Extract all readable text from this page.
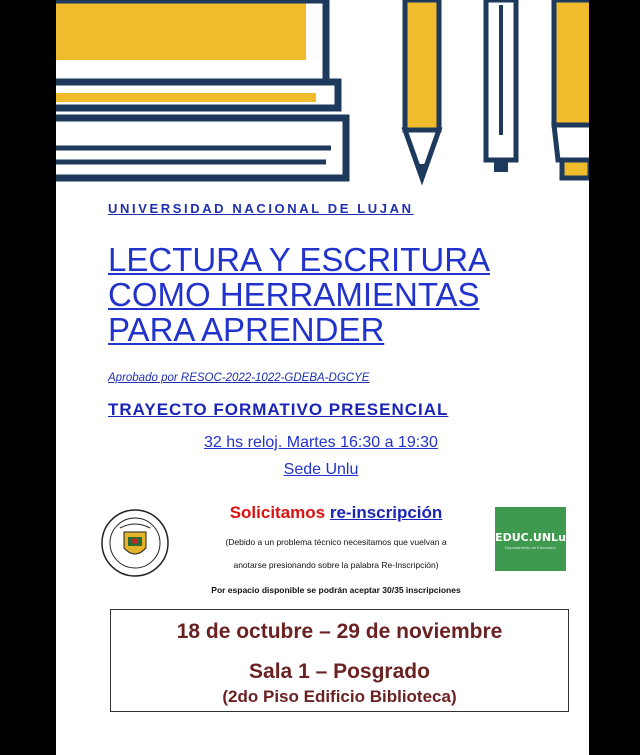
UNIVERSIDAD NACIONAL DE LUJAN
LECTURA Y ESCRITURA
COMO HERRAMIENTAS
PARA APRENDER
Aprobado por RESOC-2022-1022-GDEBA-DGCYE
TRAYECTO FORMATIVO PRESENCIAL
32 hs reloj. Martes 16:30 a 19:30
Sede Unlu
EDUC.UNLu
Departamento de Educación
Solicitamos re-inscripción
(Debido a un problema técnico necesitamos que vuelvan a
anotarse presionando sobre la palabra Re-Inscripción)
Por espacio disponible se podrán aceptar 30/35 inscripciones
18 de octubre – 29 de noviembre
Sala 1 – Posgrado
(2do Piso Edificio Biblioteca)
